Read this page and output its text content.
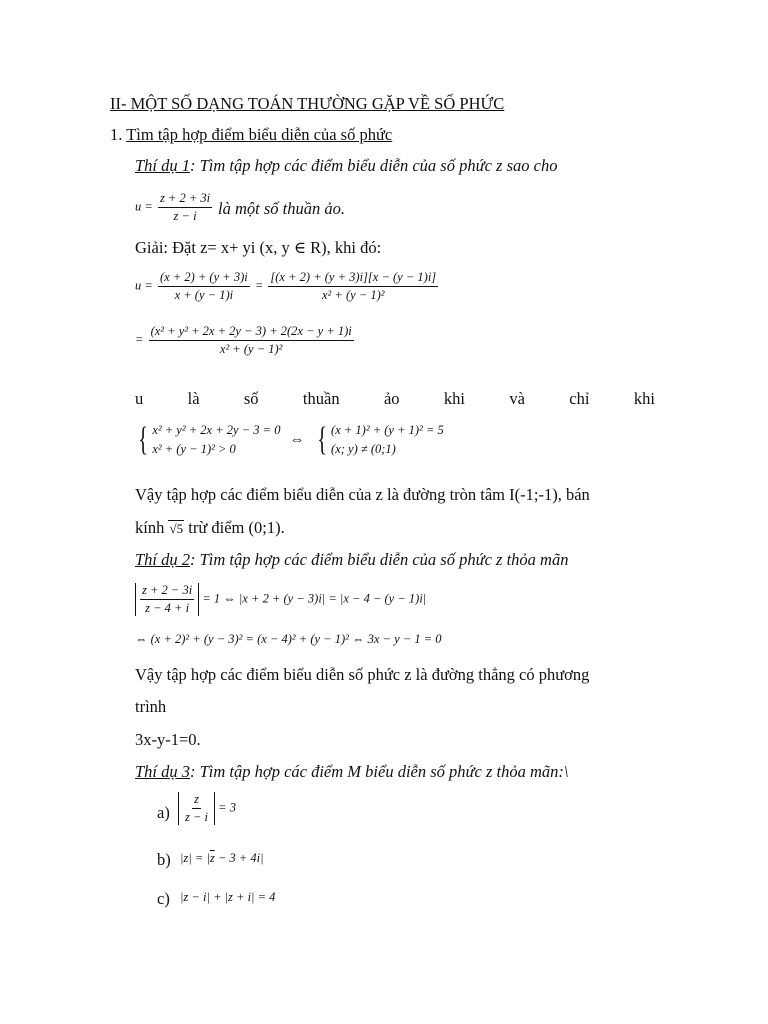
II- MỘT SỐ DẠNG TOÁN THƯỜNG GẶP VỀ SỐ PHỨC
1. Tìm tập hợp điểm biểu diễn của số phức
Thí dụ 1: Tìm tập hợp các điểm biểu diễn của số phức z sao cho
$u = \frac{z + 2 + 3i}{z - i}$ là một số thuần ảo.
Giải: Đặt z= x+ yi (x, y ∈ R), khi đó:
$u = \frac{(x + 2) + (y + 3)i}{x + (y - 1)i} = \frac{[(x + 2) + (y + 3)i][x - (y - 1)i]}{\text{x² + (y − 1)²}}$
= $\frac{\text{(x² + y² + 2x + 2y − 3) + 2(2x − y + 1)i}}{\text{x² + (y − 1)²}}$
u	là	số	thuần	ảo	khi	và	chỉ	khi
{ x² + y² + 2x + 2y − 3 = 0
x² + (y − 1)² > 0
⇔ { (x + 1)² + (y + 1)² = 5
(x; y) ≠ (0;1)
Vậy tập hợp các điểm biểu diễn của z là đường tròn tâm I(-1;-1), bán
kính √5 trừ điểm (0;1).
Thí dụ 2: Tìm tập hợp các điểm biểu diễn của số phức z thỏa mãn
$\frac{z + 2 - 3i}{z - 4 + i} = 1$ ⇔ |x + 2 + (y − 3)i| = |x − 4 − (y − 1)i|
⇔ (x + 2)² + (y − 3)² = (x − 4)² + (y − 1)² ⇔ 3x − y − 1 = 0
Vậy tập hợp các điểm biểu diễn số phức z là đường thẳng có phương
trình
3x-y-1=0.
Thí dụ 3: Tìm tập hợp các điểm M biểu diễn số phức z thỏa mãn:\
$a) \frac{z}{z - i} = 3$
b) $|z| = |\overline{z} - 3 + 4i|$
c) |z − i| + |z + i| = 4
